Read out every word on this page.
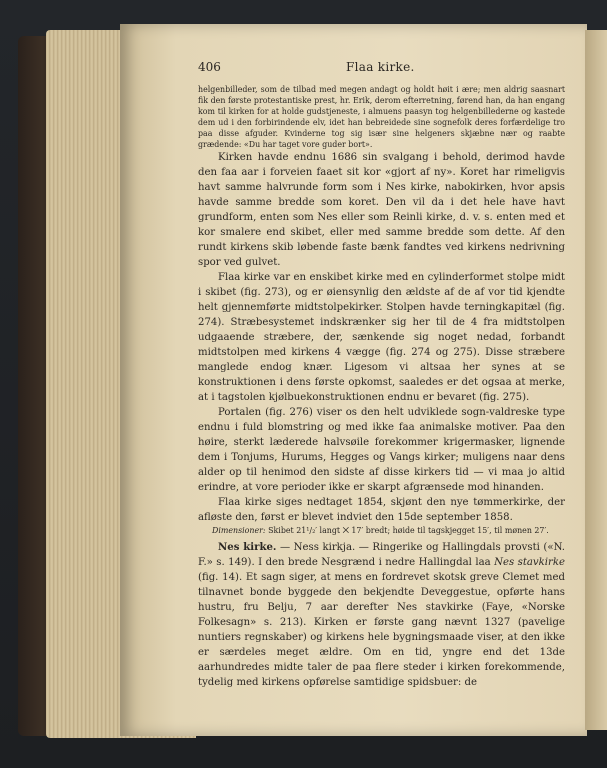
406	Flaa kirke.

helgenbilleder, som de tilbad med megen andagt og holdt høit i ære; men aldrig saasnart fik den første protestantiske prest, hr. Erik, derom efterretning, førend han, da han engang kom til kirken for at holde gudstjeneste, i almuens paasyn tog helgenbillederne og kastede dem ud i den forbirindende elv, idet han bebreidede sine sognefolk deres forfærdelige tro paa disse afguder. Kvinderne tog sig især sine helgeners skjæbne nær og raabte grædende: «Du har taget vore guder bort».

Kirken havde endnu 1686 sin svalgang i behold, derimod havde den faa aar i forveien faaet sit kor «gjort af ny». Koret har rimeligvis havt samme halvrunde form som i Nes kirke, nabokirken, hvor apsis havde samme bredde som koret. Den vil da i det hele have havt grundform, enten som Nes eller som Reinli kirke, d. v. s. enten med et kor smalere end skibet, eller med samme bredde som dette. Af den rundt kirkens skib løbende faste bænk fandtes ved kirkens nedrivning spor ved gulvet.

Flaa kirke var en enskibet kirke med en cylinderformet stolpe midt i skibet (fig. 273), og er øiensynlig den ældste af de af vor tid kjendte helt gjennemførte midtstolpekirker. Stolpen havde terningkapitæl (fig. 274). Stræbesystemet indskrænker sig her til de 4 fra midtstolpen udgaaende stræbere, der, sænkende sig noget nedad, forbandt midtstolpen med kirkens 4 vægge (fig. 274 og 275). Disse stræbere manglede endog knær. Ligesom vi altsaa her synes at se konstruktionen i dens første opkomst, saaledes er det ogsaa at merke, at i tagstolen kjølbuekonstruktionen endnu er bevaret (fig. 275).

Portalen (fig. 276) viser os den helt udviklede sogn-valdreske type endnu i fuld blomstring og med ikke faa animalske motiver. Paa den høire, sterkt læderede halvsøile forekommer krigermasker, lignende dem i Tonjums, Hurums, Hegges og Vangs kirker; muligens naar dens alder op til henimod den sidste af disse kirkers tid — vi maa jo altid erindre, at vore perioder ikke er skarpt afgrænsede mod hinanden.

Flaa kirke siges nedtaget 1854, skjønt den nye tømmerkirke, der afløste den, først er blevet indviet den 15de september 1858.

Dimensioner: Skibet 21¹/₂′ langt ⨉ 17′ bredt; høide til tagskjegget 15′, til mønen 27′.

Nes kirke. — Ness kirkja. — Ringerike og Hallingdals provsti («N. F.» s. 149). I den brede Nesgrænd i nedre Hallingdal laa Nes stavkirke (fig. 14). Et sagn siger, at mens en fordrevet skotsk greve Clemet med tilnavnet bonde byggede den bekjendte Deveggestue, opførte hans hustru, fru Belju, 7 aar derefter Nes stavkirke (Faye, «Norske Folkesagn» s. 213). Kirken er første gang nævnt 1327 (pavelige nuntiers regnskaber) og kirkens hele bygningsmaade viser, at den ikke er særdeles meget ældre. Om en tid, yngre end det 13de aarhundredes midte taler de paa flere steder i kirken forekommende, tydelig med kirkens opførelse samtidige spidsbuer: de
